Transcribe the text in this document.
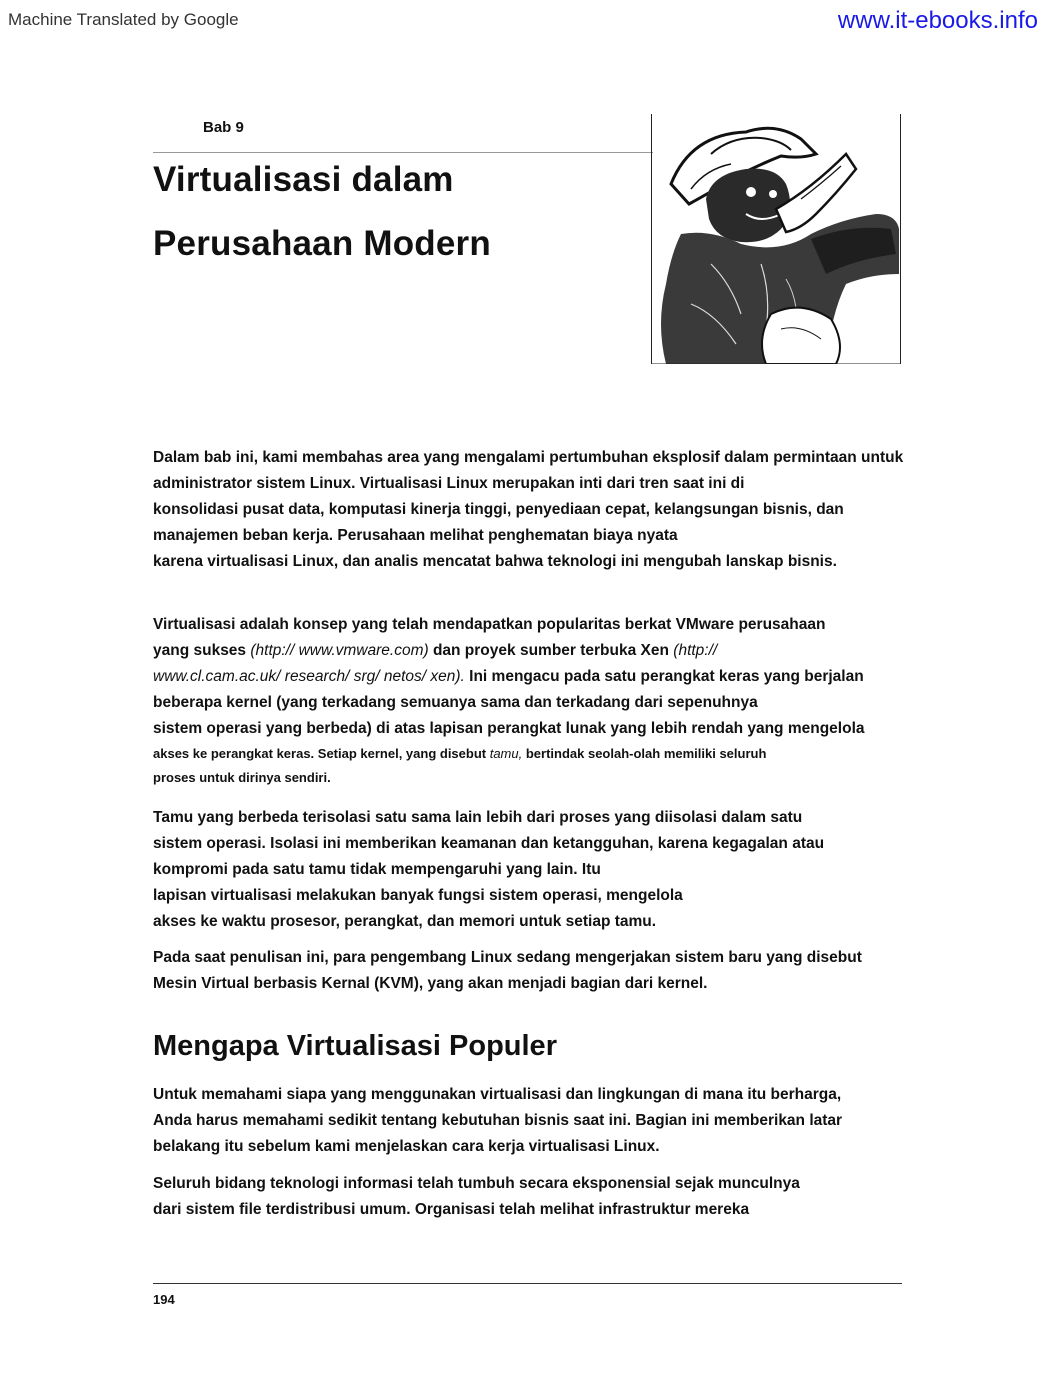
Machine Translated by Google	www.it-ebooks.info
Bab 9
Virtualisasi dalam
Perusahaan Modern
Dalam bab ini, kami membahas area yang mengalami pertumbuhan eksplosif dalam permintaan untuk
administrator sistem Linux. Virtualisasi Linux merupakan inti dari tren saat ini di
konsolidasi pusat data, komputasi kinerja tinggi, penyediaan cepat, kelangsungan bisnis, dan
manajemen beban kerja. Perusahaan melihat penghematan biaya nyata
karena virtualisasi Linux, dan analis mencatat bahwa teknologi ini mengubah lanskap bisnis.
Virtualisasi adalah konsep yang telah mendapatkan popularitas berkat VMware perusahaan
yang sukses (http:// www.vmware.com) dan proyek sumber terbuka Xen (http://
www.cl.cam.ac.uk/ research/ srg/ netos/ xen). Ini mengacu pada satu perangkat keras yang berjalan
beberapa kernel (yang terkadang semuanya sama dan terkadang dari sepenuhnya
sistem operasi yang berbeda) di atas lapisan perangkat lunak yang lebih rendah yang mengelola
akses ke perangkat keras. Setiap kernel, yang disebut tamu, bertindak seolah-olah memiliki seluruh
proses untuk dirinya sendiri.
Tamu yang berbeda terisolasi satu sama lain lebih dari proses yang diisolasi dalam satu
sistem operasi. Isolasi ini memberikan keamanan dan ketangguhan, karena kegagalan atau
kompromi pada satu tamu tidak mempengaruhi yang lain. Itu
lapisan virtualisasi melakukan banyak fungsi sistem operasi, mengelola
akses ke waktu prosesor, perangkat, dan memori untuk setiap tamu.
Pada saat penulisan ini, para pengembang Linux sedang mengerjakan sistem baru yang disebut
Mesin Virtual berbasis Kernal (KVM), yang akan menjadi bagian dari kernel.
Mengapa Virtualisasi Populer
Untuk memahami siapa yang menggunakan virtualisasi dan lingkungan di mana itu berharga,
Anda harus memahami sedikit tentang kebutuhan bisnis saat ini. Bagian ini memberikan latar
belakang itu sebelum kami menjelaskan cara kerja virtualisasi Linux.
Seluruh bidang teknologi informasi telah tumbuh secara eksponensial sejak munculnya
dari sistem file terdistribusi umum. Organisasi telah melihat infrastruktur mereka
194
